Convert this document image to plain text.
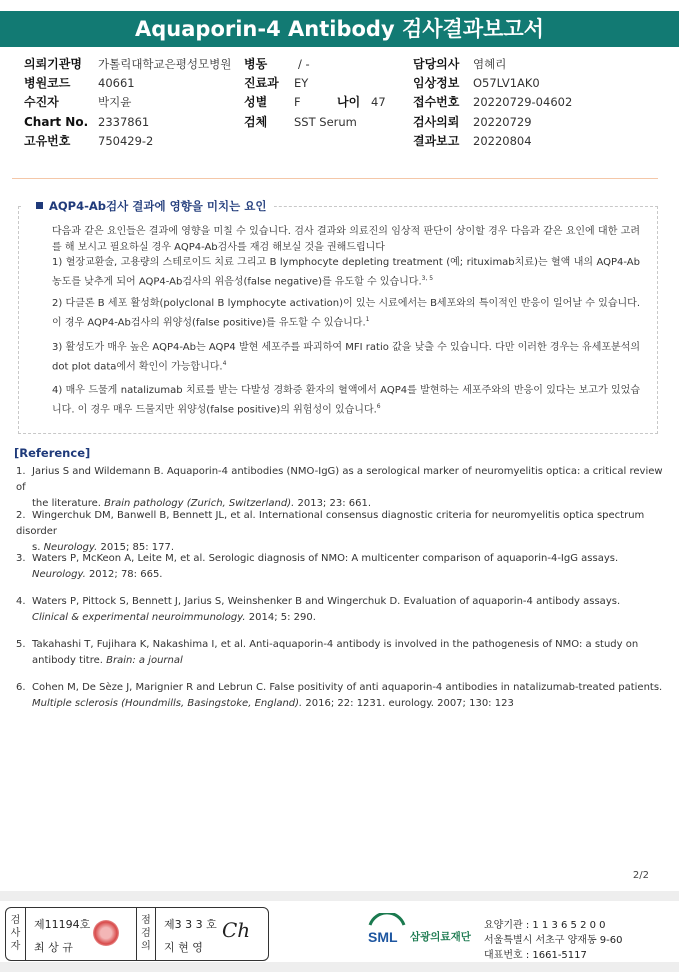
Aquaporin-4 Antibody 검사결과보고서
의뢰기관명 가톨릭대학교은평성모병원 병동	/ -	담당의사 염혜리
병원코드 40661	진료과 EY	임상정보 O57LV1AK0
수진자	박지윤	성별 F	나이 47 접수번호 20220729-04602
Chart No. 2337861	검체 SST Serum	검사의뢰 20220729
고유번호 750429-2	결과보고 20220804
AQP4-Ab검사 결과에 영향을 미치는 요인
다음과 같은 요인들은 결과에 영향을 미칠 수 있습니다. 검사 결과와 의료진의 임상적 판단이 상이할 경우 다음과 같은 요인에 대한 고려를 해 보시고 필요하실 경우 AQP4-Ab검사를 재검 해보실 것을 권해드립니다
1) 혈장교환술, 고용량의 스테로이드 치료 그리고 B lymphocyte depleting treatment (예; rituximab치료)는 혈액 내의 AQP4-Ab농도를 낮추게 되어 AQP4-Ab검사의 위음성(false negative)를 유도할 수 있습니다.$^{3, 5}$
2) 다클론 B 세포 활성화(polyclonal B lymphocyte activation)이 있는 시료에서는 B세포와의 특이적인 반응이 일어날 수 있습니다. 이 경우 AQP4-Ab검사의 위양성(false positive)를 유도할 수 있습니다.$^1$
3) 활성도가 매우 높은 AQP4-Ab는 AQP4 발현 세포주를 파괴하여 MFI ratio 값을 낮출 수 있습니다. 다만 이러한 경우는 유세포분석의 dot plot data에서 확인이 가능합니다.$^4$
4) 매우 드물게 natalizumab 치료를 받는 다발성 경화증 환자의 혈액에서 AQP4를 발현하는 세포주와의 반응이 있다는 보고가 있었습니다. 이 경우 매우 드물지만 위양성(false positive)의 위험성이 있습니다.$^6$
[Reference]
1. Jarius S and Wildemann B. Aquaporin-4 antibodies (NMO-IgG) as a serological marker of neuromyelitis optica: a critical review of
the literature. Brain pathology (Zurich, Switzerland). 2013; 23: 661.
2. Wingerchuk DM, Banwell B, Bennett JL, et al. International consensus diagnostic criteria for neuromyelitis optica spectrum disorder
s. Neurology. 2015; 85: 177.
3. Waters P, McKeon A, Leite M, et al. Serologic diagnosis of NMO: A multicenter comparison of aquaporin-4-IgG assays.
Neurology. 2012; 78: 665.
4. Waters P, Pittock S, Bennett J, Jarius S, Weinshenker B and Wingerchuk D. Evaluation of aquaporin-4 antibody assays.
Clinical & experimental neuroimmunology. 2014; 5: 290.
5. Takahashi T, Fujihara K, Nakashima I, et al. Anti-aquaporin-4 antibody is involved in the pathogenesis of NMO: a study on
antibody titre. Brain: a journal
6. Cohen M, De Sèze J, Marignier R and Lebrun C. False positivity of anti aquaporin-4 antibodies in natalizumab-treated patients.
Multiple sclerosis (Houndmills, Basingstoke, England). 2016; 22: 1231. eurology. 2007; 130: 123
2/2
검사자
제11194호
최 상 규
점검의
제3 3 3 호
지 현 영
Ch	SML 삼광의료재단
요양기관 : 1 1 3 6 5 2 0 0
서울특별시 서초구 양재동 9-60
대표번호 : 1661-5117
